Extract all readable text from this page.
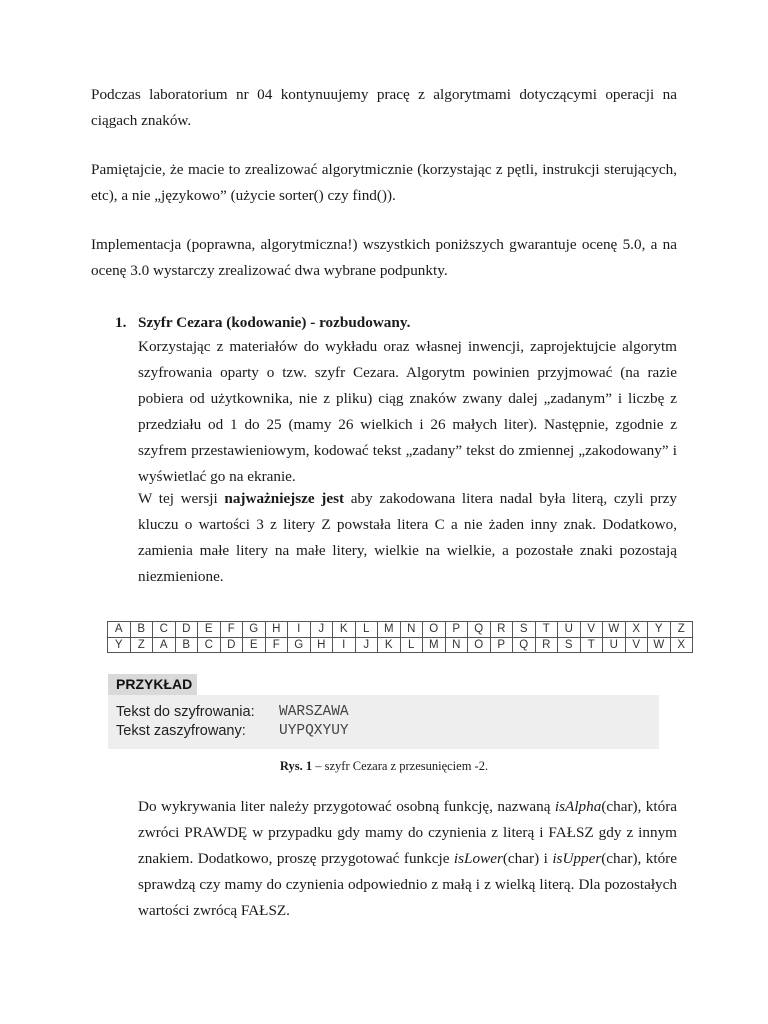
Podczas laboratorium nr 04 kontynuujemy pracę z algorytmami dotyczącymi operacji na ciągach znaków.

Pamiętajcie, że macie to zrealizować algorytmicznie (korzystając z pętli, instrukcji sterujących, etc), a nie „językowo” (użycie sorter() czy find()).

Implementacja (poprawna, algorytmiczna!) wszystkich poniższych gwarantuje ocenę 5.0, a na ocenę 3.0 wystarczy zrealizować dwa wybrane podpunkty.

1. Szyfr Cezara (kodowanie) - rozbudowany.

Korzystając z materiałów do wykładu oraz własnej inwencji, zaprojektujcie algorytm szyfrowania oparty o tzw. szyfr Cezara. Algorytm powinien przyjmować (na razie pobiera od użytkownika, nie z pliku) ciąg znaków zwany dalej „zadanym” i liczbę z przedziału od 1 do 25 (mamy 26 wielkich i 26 małych liter). Następnie, zgodnie z szyfrem przestawieniowym, kodować tekst „zadany” tekst do zmiennej „zakodowany” i wyświetlać go na ekranie.

W tej wersji najważniejsze jest aby zakodowana litera nadal była literą, czyli przy kluczu o wartości 3 z litery Z powstała litera C a nie żaden inny znak. Dodatkowo, zamienia małe litery na małe litery, wielkie na wielkie, a pozostałe znaki pozostają niezmienione.

A	B	C	D	E	F	G	H	I	J	K	L	M	N	O	P	Q	R	S	T	U	V	W	X	Y	Z
Y	Z	A	B	C	D	E	F	G	H	I	J	K	L	M	N	O	P	Q	R	S	T	U	V	W	X
PRZYKŁAD
Tekst do szyfrowania: WARSZAWA
Tekst zaszyfrowany: UYPQXYUY
Rys. 1 – szyfr Cezara z przesunięciem -2.

Do wykrywania liter należy przygotować osobną funkcję, nazwaną isAlpha(char), która zwróci PRAWDĘ w przypadku gdy mamy do czynienia z literą i FAŁSZ gdy z innym znakiem. Dodatkowo, proszę przygotować funkcje isLower(char) i isUpper(char), które sprawdzą czy mamy do czynienia odpowiednio z małą i z wielką literą. Dla pozostałych wartości zwrócą FAŁSZ.
